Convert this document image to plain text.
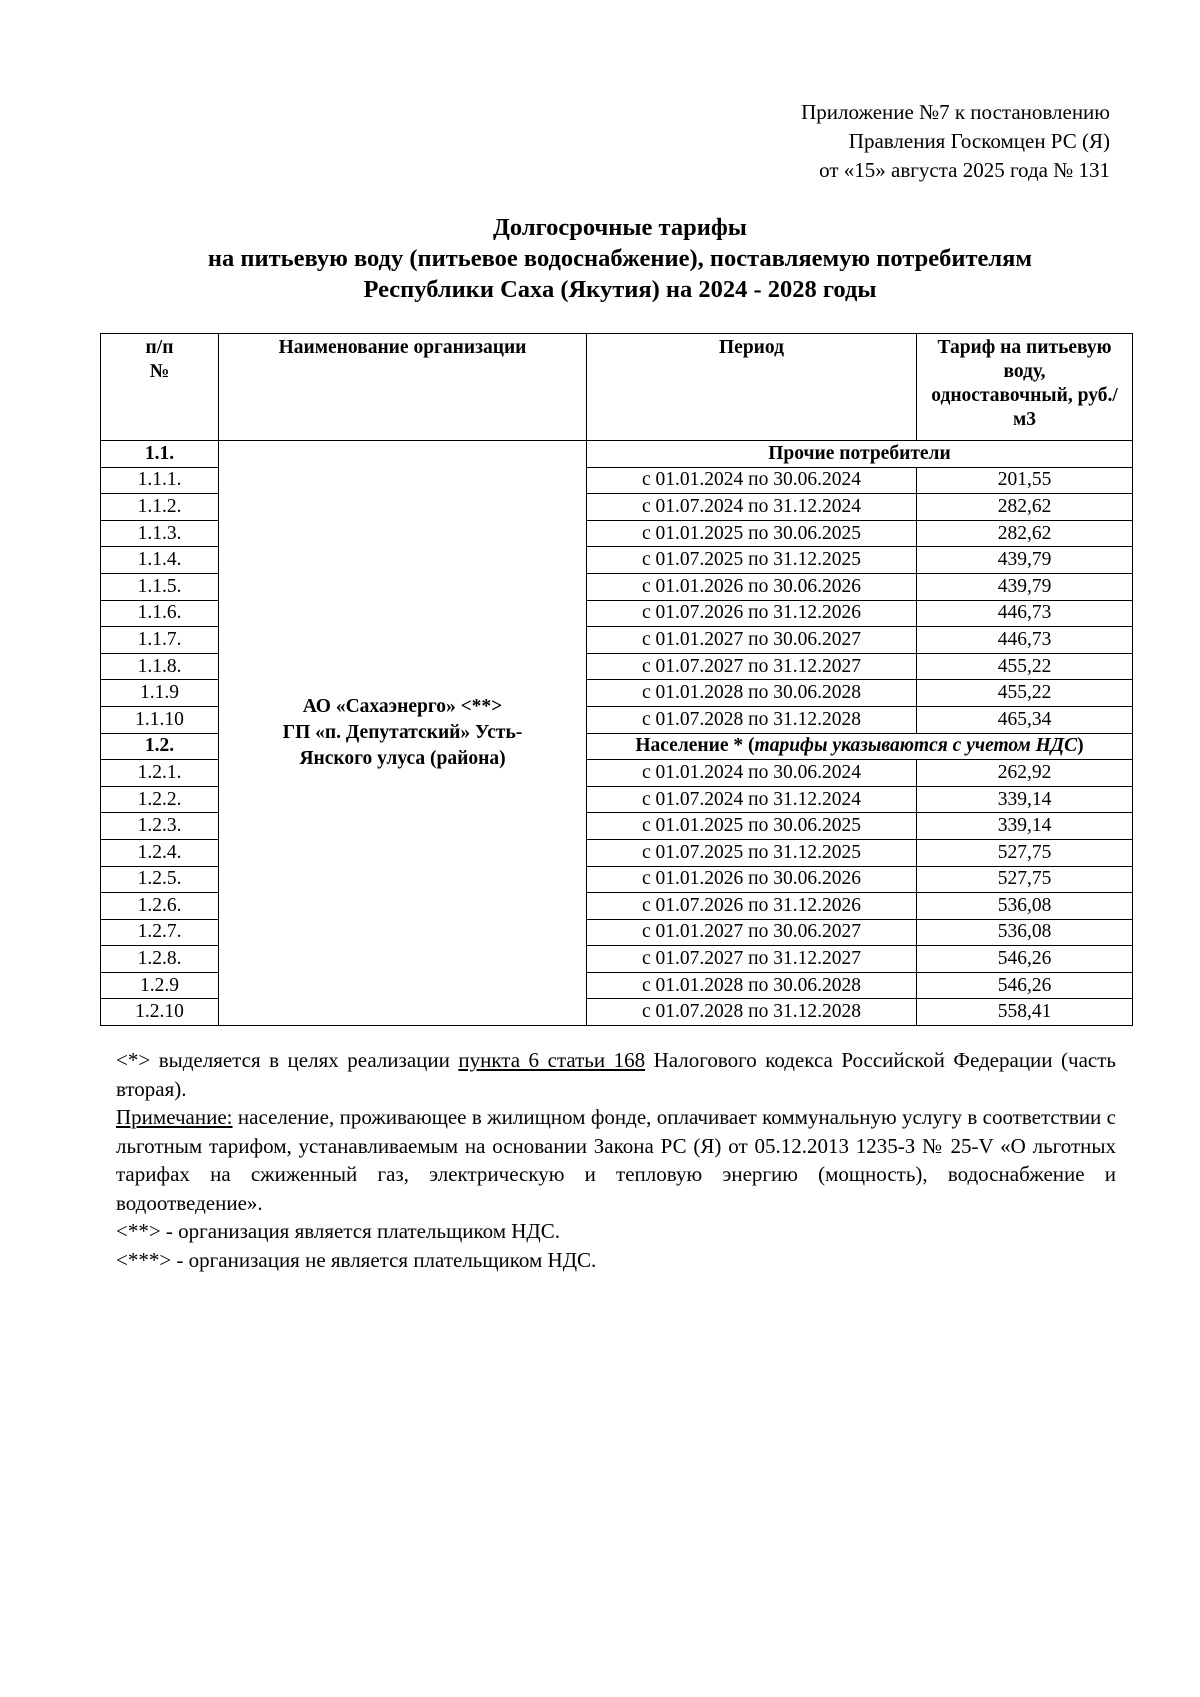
Приложение №7 к постановлению
Правления Госкомцен РС (Я)
от «15» августа 2025 года № 131
Долгосрочные тарифы
на питьевую воду (питьевое водоснабжение), поставляемую потребителям
Республики Саха (Якутия) на 2024 - 2028 годы
п/п
№	Наименование организации	Период	Тариф на питьевую воду, одноставочный, руб./м3
1.1.	АО «Сахаэнерго» <**>
ГП «п. Депутатский» Усть-
Янского улуса (района)	Прочие потребители	
1.1.1.		с 01.01.2024 по 30.06.2024	201,55
1.1.2.		с 01.07.2024 по 31.12.2024	282,62
1.1.3.		с 01.01.2025 по 30.06.2025	282,62
1.1.4.		с 01.07.2025 по 31.12.2025	439,79
1.1.5.		с 01.01.2026 по 30.06.2026	439,79
1.1.6.		с 01.07.2026 по 31.12.2026	446,73
1.1.7.		с 01.01.2027 по 30.06.2027	446,73
1.1.8.		с 01.07.2027 по 31.12.2027	455,22
1.1.9		с 01.01.2028 по 30.06.2028	455,22
1.1.10		с 01.07.2028 по 31.12.2028	465,34
1.2.		Население * (тарифы указываются с учетом НДС)	
1.2.1.		с 01.01.2024 по 30.06.2024	262,92
1.2.2.		с 01.07.2024 по 31.12.2024	339,14
1.2.3.		с 01.01.2025 по 30.06.2025	339,14
1.2.4.		с 01.07.2025 по 31.12.2025	527,75
1.2.5.		с 01.01.2026 по 30.06.2026	527,75
1.2.6.		с 01.07.2026 по 31.12.2026	536,08
1.2.7.		с 01.01.2027 по 30.06.2027	536,08
1.2.8.		с 01.07.2027 по 31.12.2027	546,26
1.2.9		с 01.01.2028 по 30.06.2028	546,26
1.2.10		с 01.07.2028 по 31.12.2028	558,41

<*> выделяется в целях реализации пункта 6 статьи 168 Налогового кодекса Российской Федерации (часть вторая).

Примечание: население, проживающее в жилищном фонде, оплачивает коммунальную услугу в соответствии с льготным тарифом, устанавливаемым на основании Закона РС (Я) от 05.12.2013 1235-З № 25-V «О льготных тарифах на сжиженный газ, электрическую и тепловую энергию (мощность), водоснабжение и водоотведение».

<**> - организация является плательщиком НДС.

<***> - организация не является плательщиком НДС.
